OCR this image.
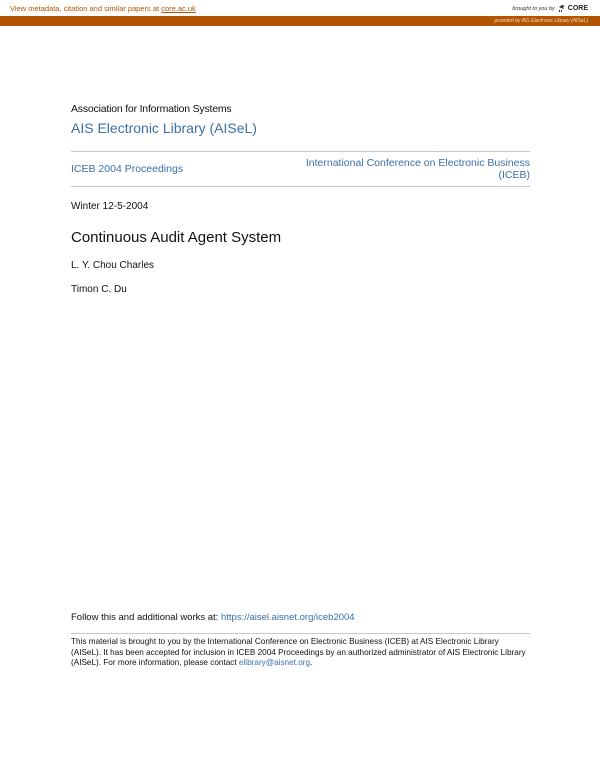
View metadata, citation and similar papers at core.ac.uk	brought to you by CORE
provided by AIS Electronic Library (AISeL)
Association for Information Systems
AIS Electronic Library (AISeL)
ICEB 2004 Proceedings	International Conference on Electronic Business (ICEB)
Winter 12-5-2004
Continuous Audit Agent System
L. Y. Chou Charles
Timon C. Du
Follow this and additional works at: https://aisel.aisnet.org/iceb2004
This material is brought to you by the International Conference on Electronic Business (ICEB) at AIS Electronic Library (AISeL). It has been accepted for inclusion in ICEB 2004 Proceedings by an authorized administrator of AIS Electronic Library (AISeL). For more information, please contact elibrary@aisnet.org.
